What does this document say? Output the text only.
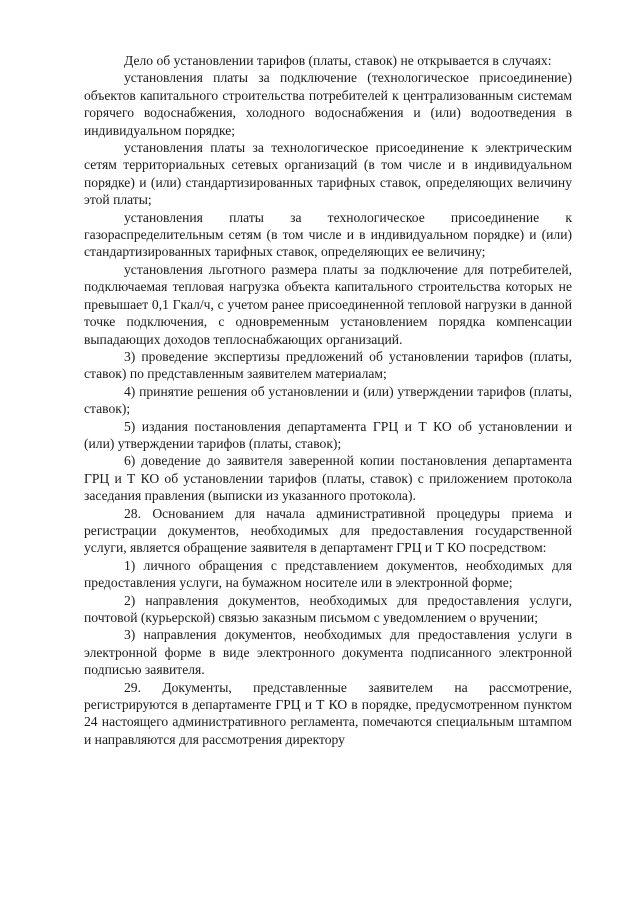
Дело об установлении тарифов (платы, ставок) не открывается в случаях:

установления платы за подключение (технологическое присоединение) объектов капитального строительства потребителей к централизованным системам горячего водоснабжения, холодного водоснабжения и (или) водоотведения в индивидуальном порядке;

установления платы за технологическое присоединение к электрическим сетям территориальных сетевых организаций (в том числе и в индивидуальном порядке) и (или) стандартизированных тарифных ставок, определяющих величину этой платы;

установления платы за технологическое присоединение к газораспределительным сетям (в том числе и в индивидуальном порядке) и (или) стандартизированных тарифных ставок, определяющих ее величину;

установления льготного размера платы за подключение для потребителей, подключаемая тепловая нагрузка объекта капитального строительства которых не превышает 0,1 Гкал/ч, с учетом ранее присоединенной тепловой нагрузки в данной точке подключения, с одновременным установлением порядка компенсации выпадающих доходов теплоснабжающих организаций.

3) проведение экспертизы предложений об установлении тарифов (платы, ставок) по представленным заявителем материалам;

4) принятие решения об установлении и (или) утверждении тарифов (платы, ставок);

5) издания постановления департамента ГРЦ и Т КО об установлении и (или) утверждении тарифов (платы, ставок);

6) доведение до заявителя заверенной копии постановления департамента ГРЦ и Т КО об установлении тарифов (платы, ставок) с приложением протокола заседания правления (выписки из указанного протокола).

28. Основанием для начала административной процедуры приема и регистрации документов, необходимых для предоставления государственной услуги, является обращение заявителя в департамент ГРЦ и Т КО посредством:

1) личного обращения с представлением документов, необходимых для предоставления услуги, на бумажном носителе или в электронной форме;

2) направления документов, необходимых для предоставления услуги, почтовой (курьерской) связью заказным письмом с уведомлением о вручении;

3) направления документов, необходимых для предоставления услуги в электронной форме в виде электронного документа подписанного электронной подписью заявителя.

29. Документы, представленные заявителем на рассмотрение, регистрируются в департаменте ГРЦ и Т КО в порядке, предусмотренном пунктом 24 настоящего административного регламента, помечаются специальным штампом и направляются для рассмотрения директору
